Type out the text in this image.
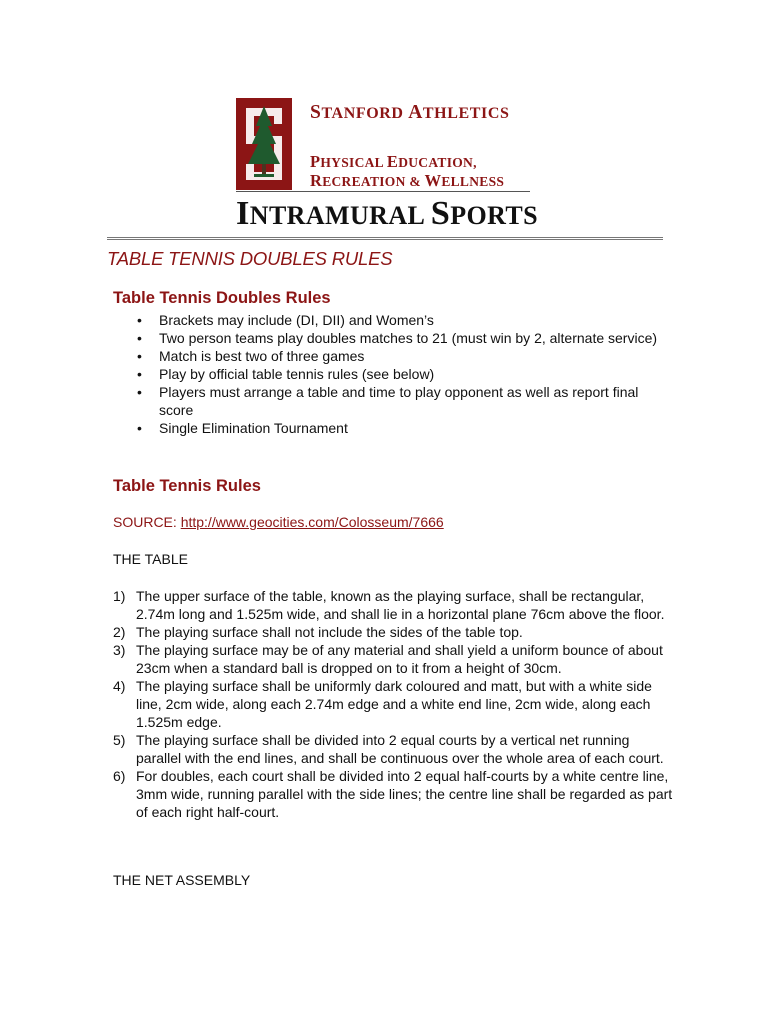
STANFORD ATHLETICS
PHYSICAL EDUCATION,
RECREATION & WELLNESS
INTRAMURAL SPORTS
TABLE TENNIS DOUBLES RULES
Table Tennis Doubles Rules
• Brackets may include (DI, DII) and Women’s
• Two person teams play doubles matches to 21 (must win by 2, alternate service)
• Match is best two of three games
• Play by official table tennis rules (see below)
• Players must arrange a table and time to play opponent as well as report final score
• Single Elimination Tournament
Table Tennis Rules
SOURCE: http://www.geocities.com/Colosseum/7666
THE TABLE
1) The upper surface of the table, known as the playing surface, shall be rectangular, 2.74m long and 1.525m wide, and shall lie in a horizontal plane 76cm above the floor.
2) The playing surface shall not include the sides of the table top.
3) The playing surface may be of any material and shall yield a uniform bounce of about 23cm when a standard ball is dropped on to it from a height of 30cm.
4) The playing surface shall be uniformly dark coloured and matt, but with a white side line, 2cm wide, along each 2.74m edge and a white end line, 2cm wide, along each 1.525m edge.
5) The playing surface shall be divided into 2 equal courts by a vertical net running parallel with the end lines, and shall be continuous over the whole area of each court.
6) For doubles, each court shall be divided into 2 equal half-courts by a white centre line, 3mm wide, running parallel with the side lines; the centre line shall be regarded as part of each right half-court.
THE NET ASSEMBLY
